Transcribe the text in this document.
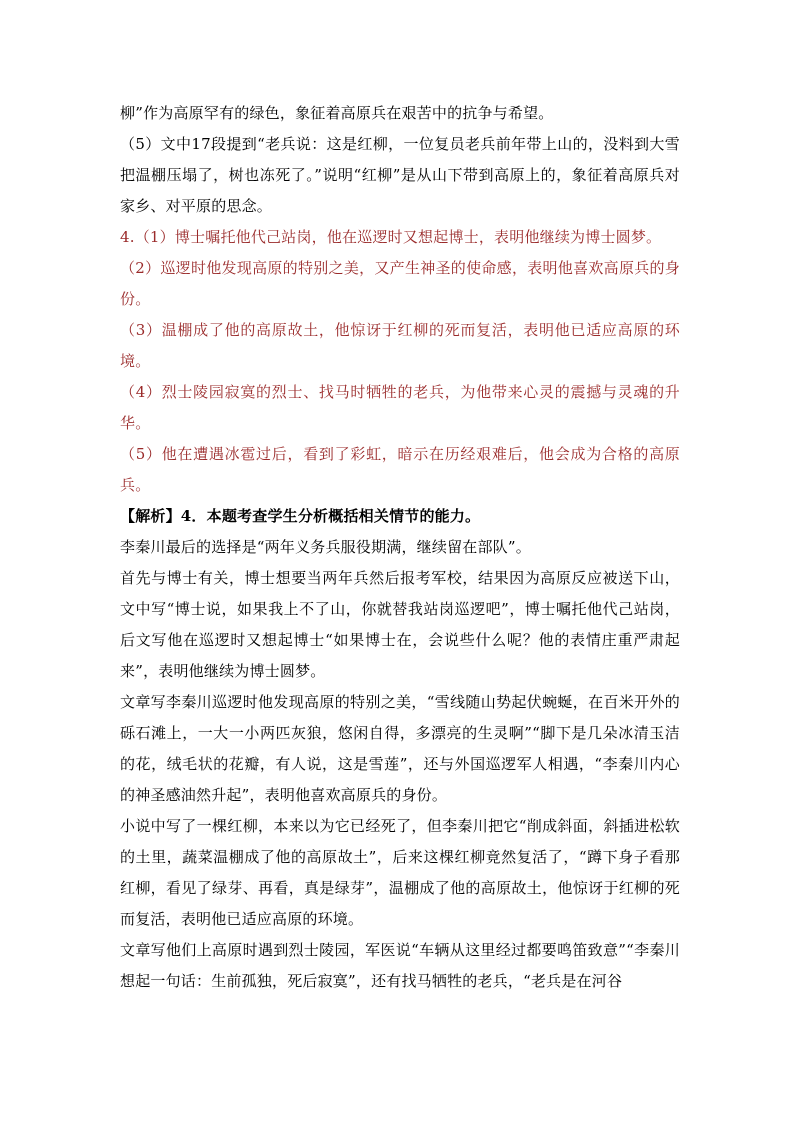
柳”作为高原罕有的绿色，象征着高原兵在艰苦中的抗争与希望。

（5）文中17段提到“老兵说：这是红柳，一位复员老兵前年带上山的，没料到大雪把温棚压塌了，树也冻死了。”说明“红柳”是从山下带到高原上的，象征着高原兵对家乡、对平原的思念。

4.（1）博士嘱托他代己站岗，他在巡逻时又想起博士，表明他继续为博士圆梦。

（2）巡逻时他发现高原的特别之美，又产生神圣的使命感，表明他喜欢高原兵的身份。

（3）温棚成了他的高原故土，他惊讶于红柳的死而复活，表明他已适应高原的环境。

（4）烈士陵园寂寞的烈士、找马时牺牲的老兵，为他带来心灵的震撼与灵魂的升华。

（5）他在遭遇冰雹过后，看到了彩虹，暗示在历经艰难后，他会成为合格的高原兵。

【解析】4．本题考查学生分析概括相关情节的能力。

李秦川最后的选择是“两年义务兵服役期满，继续留在部队”。

首先与博士有关，博士想要当两年兵然后报考军校，结果因为高原反应被送下山，文中写“博士说，如果我上不了山，你就替我站岗巡逻吧”，博士嘱托他代己站岗，后文写他在巡逻时又想起博士“如果博士在，会说些什么呢？他的表情庄重严肃起来”，表明他继续为博士圆梦。

文章写李秦川巡逻时他发现高原的特别之美，“雪线随山势起伏蜿蜒，在百米开外的砾石滩上，一大一小两匹灰狼，悠闲自得，多漂亮的生灵啊”“脚下是几朵冰清玉洁的花，绒毛状的花瓣，有人说，这是雪莲”，还与外国巡逻军人相遇，“李秦川内心的神圣感油然升起”，表明他喜欢高原兵的身份。

小说中写了一棵红柳，本来以为它已经死了，但李秦川把它“削成斜面，斜插进松软的土里，蔬菜温棚成了他的高原故土”，后来这棵红柳竟然复活了，“蹲下身子看那红柳，看见了绿芽、再看，真是绿芽”，温棚成了他的高原故土，他惊讶于红柳的死而复活，表明他已适应高原的环境。

文章写他们上高原时遇到烈士陵园，军医说“车辆从这里经过都要鸣笛致意”“李秦川想起一句话：生前孤独，死后寂寞”，还有找马牺牲的老兵，“老兵是在河谷
